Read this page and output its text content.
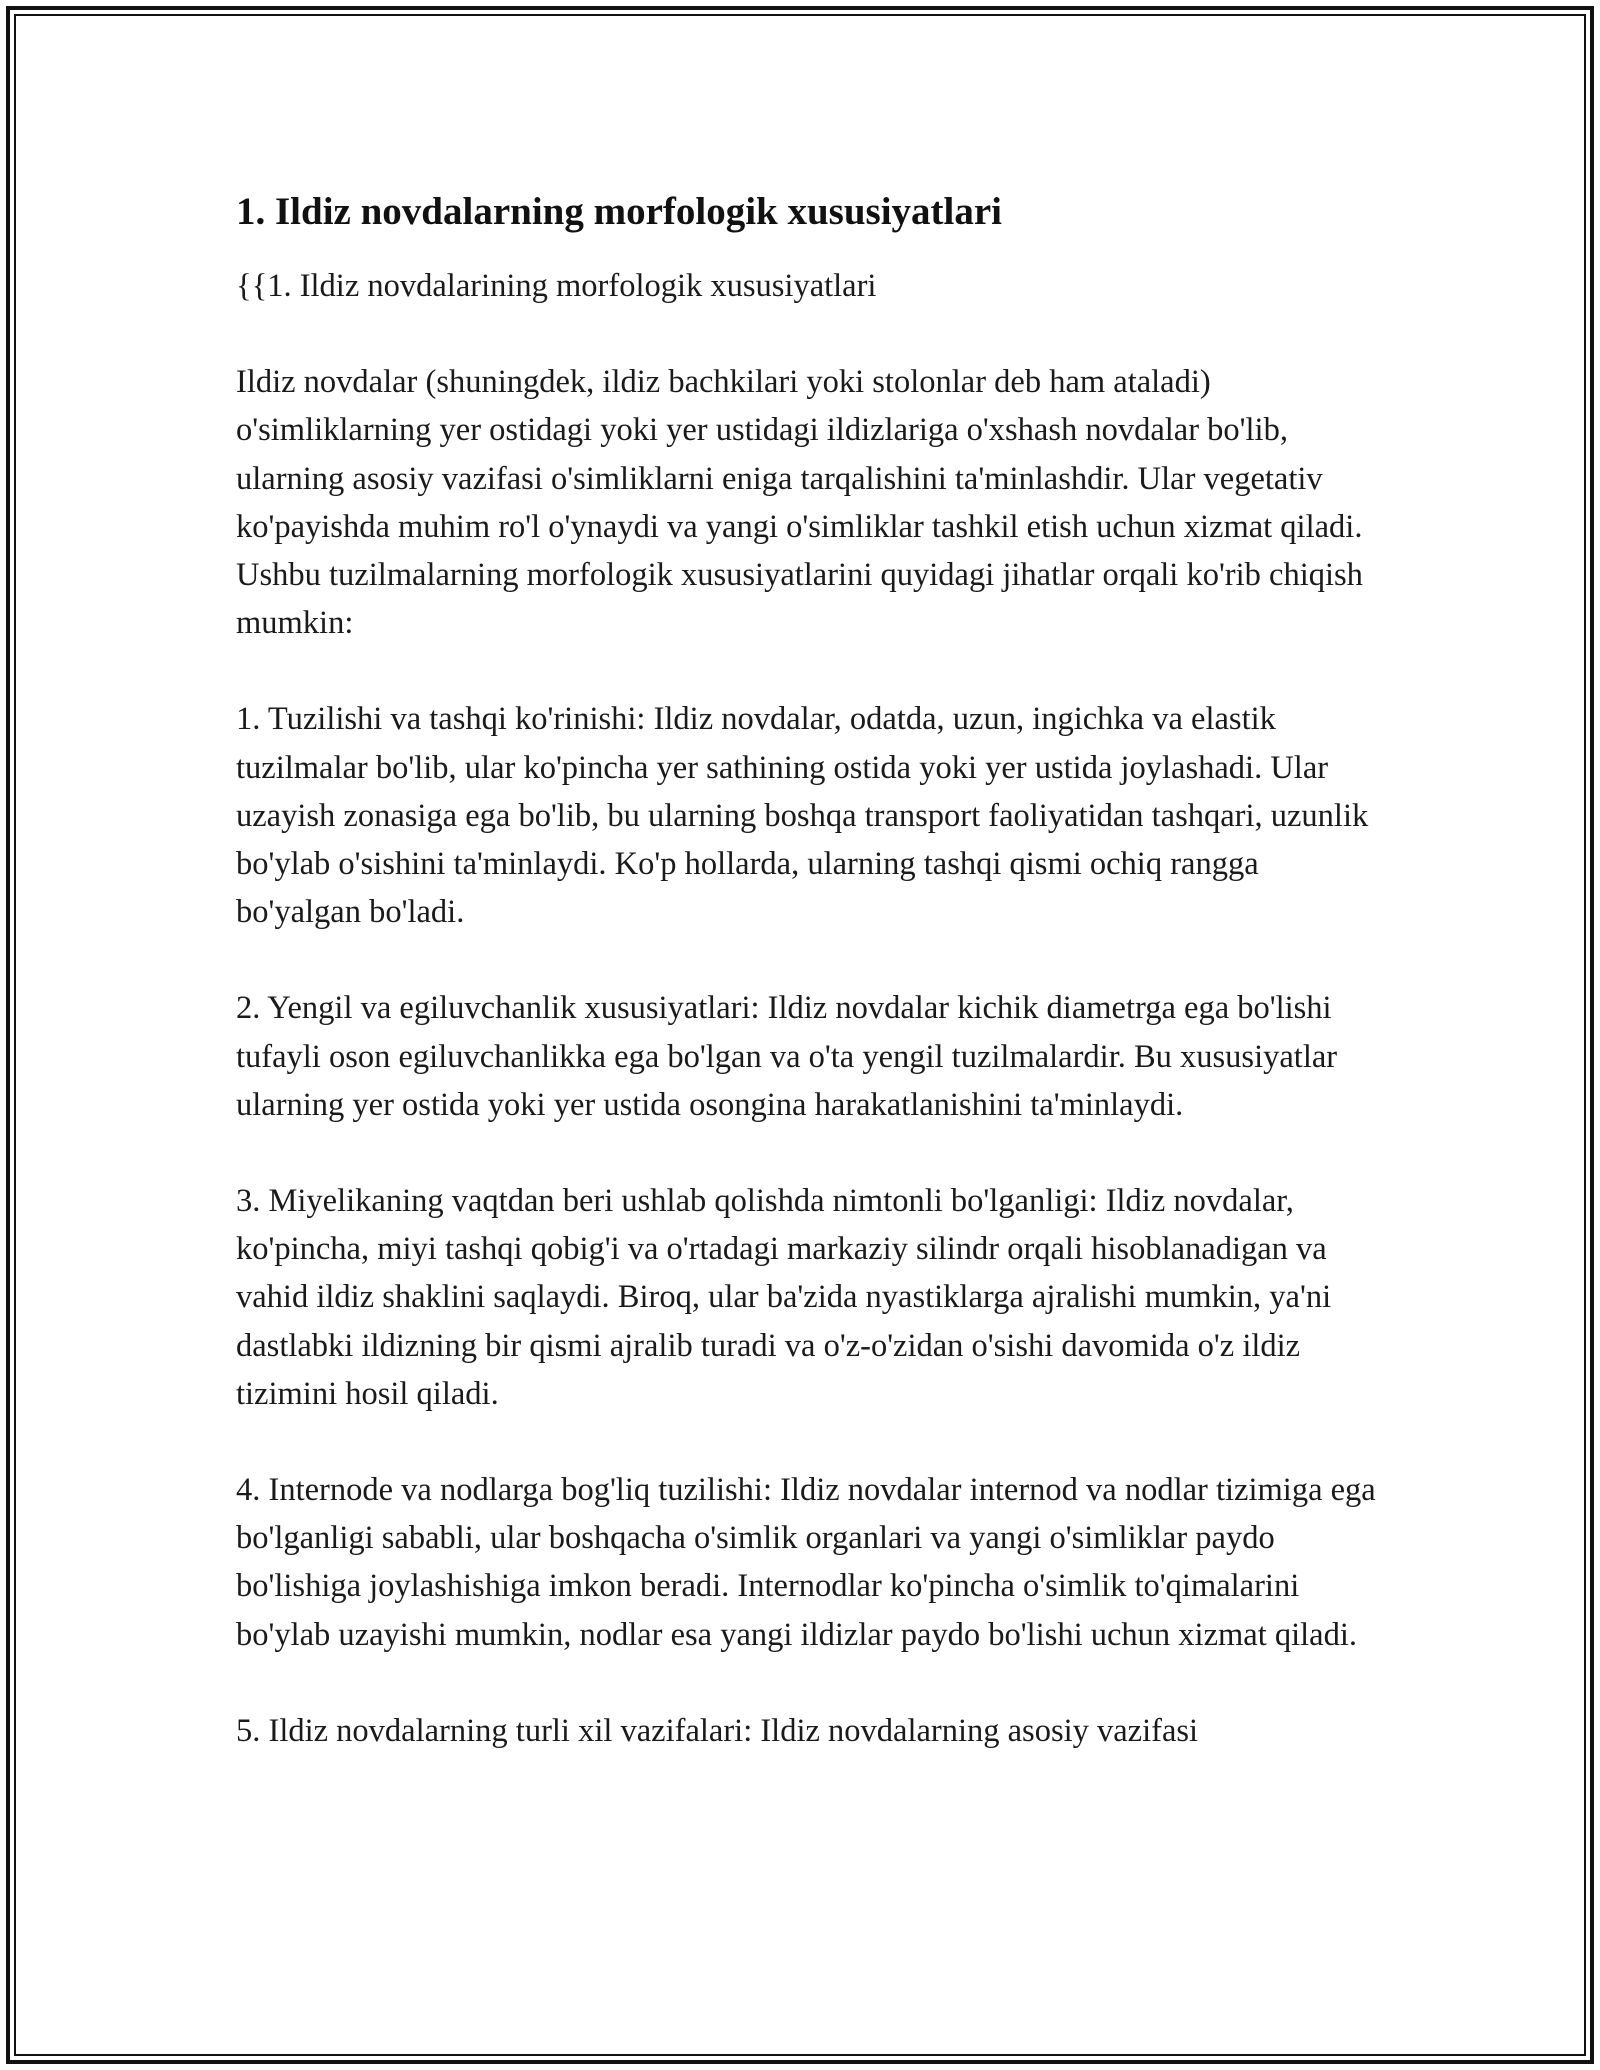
1. Ildiz novdalarning morfologik xususiyatlari

{{1. Ildiz novdalarining morfologik xususiyatlari

Ildiz novdalar (shuningdek, ildiz bachkilari yoki stolonlar deb ham ataladi) o'simliklarning yer ostidagi yoki yer ustidagi ildizlariga o'xshash novdalar bo'lib, ularning asosiy vazifasi o'simliklarni eniga tarqalishini ta'minlashdir. Ular vegetativ ko'payishda muhim ro'l o'ynaydi va yangi o'simliklar tashkil etish uchun xizmat qiladi. Ushbu tuzilmalarning morfologik xususiyatlarini quyidagi jihatlar orqali ko'rib chiqish mumkin:

1. Tuzilishi va tashqi ko'rinishi: Ildiz novdalar, odatda, uzun, ingichka va elastik tuzilmalar bo'lib, ular ko'pincha yer sathining ostida yoki yer ustida joylashadi. Ular uzayish zonasiga ega bo'lib, bu ularning boshqa transport faoliyatidan tashqari, uzunlik bo'ylab o'sishini ta'minlaydi. Ko'p hollarda, ularning tashqi qismi ochiq rangga bo'yalgan bo'ladi.

2. Yengil va egiluvchanlik xususiyatlari: Ildiz novdalar kichik diametrga ega bo'lishi tufayli oson egiluvchanlikka ega bo'lgan va o'ta yengil tuzilmalardir. Bu xususiyatlar ularning yer ostida yoki yer ustida osongina harakatlanishini ta'minlaydi.

3. Miyelikaning vaqtdan beri ushlab qolishda nimtonli bo'lganligi: Ildiz novdalar, ko'pincha, miyi tashqi qobig'i va o'rtadagi markaziy silindr orqali hisoblanadigan va vahid ildiz shaklini saqlaydi. Biroq, ular ba'zida nyastiklarga ajralishi mumkin, ya'ni dastlabki ildizning bir qismi ajralib turadi va o'z-o'zidan o'sishi davomida o'z ildiz tizimini hosil qiladi.

4. Internode va nodlarga bog'liq tuzilishi: Ildiz novdalar internod va nodlar tizimiga ega bo'lganligi sababli, ular boshqacha o'simlik organlari va yangi o'simliklar paydo bo'lishiga joylashishiga imkon beradi. Internodlar ko'pincha o'simlik to'qimalarini bo'ylab uzayishi mumkin, nodlar esa yangi ildizlar paydo bo'lishi uchun xizmat qiladi.

5. Ildiz novdalarning turli xil vazifalari: Ildiz novdalarning asosiy vazifasi
